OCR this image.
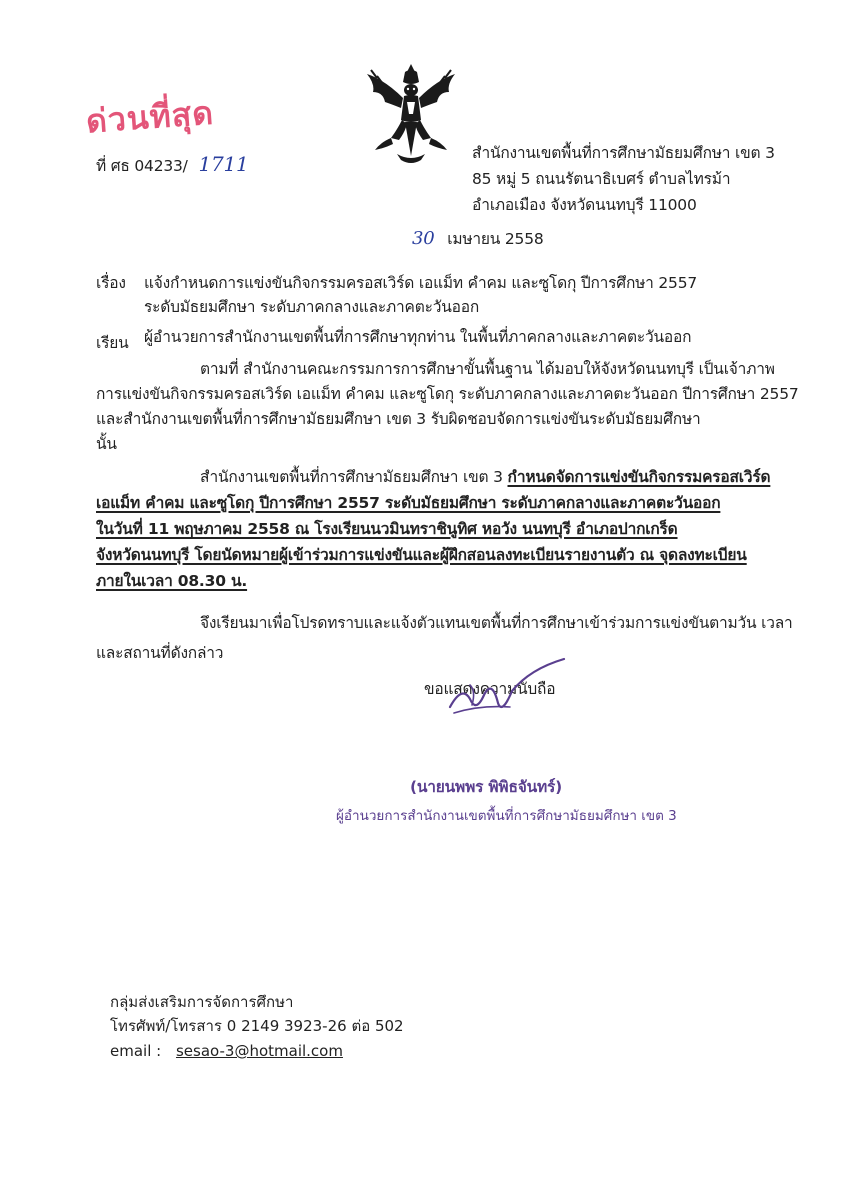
ด่วนที่สุด
ที่ ศธ 04233/ 1711	สำนักงานเขตพื้นที่การศึกษามัธยมศึกษา เขต 3
85 หมู่ 5 ถนนรัตนาธิเบศร์ ตำบลไทรม้า
อำเภอเมือง จังหวัดนนทบุรี 11000
30 เมษายน 2558
เรื่อง แจ้งกำหนดการแข่งขันกิจกรรมครอสเวิร์ด เอแม็ท คำคม และซูโดกุ ปีการศึกษา 2557
ระดับมัธยมศึกษา ระดับภาคกลางและภาคตะวันออก
เรียน ผู้อำนวยการสำนักงานเขตพื้นที่การศึกษาทุกท่าน ในพื้นที่ภาคกลางและภาคตะวันออก
ตามที่ สำนักงานคณะกรรมการการศึกษาขั้นพื้นฐาน ได้มอบให้จังหวัดนนทบุรี เป็นเจ้าภาพ
การแข่งขันกิจกรรมครอสเวิร์ด เอแม็ท คำคม และซูโดกุ ระดับภาคกลางและภาคตะวันออก ปีการศึกษา 2557
และสำนักงานเขตพื้นที่การศึกษามัธยมศึกษา เขต 3 รับผิดชอบจัดการแข่งขันระดับมัธยมศึกษา
นั้น
สำนักงานเขตพื้นที่การศึกษามัธยมศึกษา เขต 3 กำหนดจัดการแข่งขันกิจกรรมครอสเวิร์ด
เอแม็ท คำคม และซูโดกุ ปีการศึกษา 2557 ระดับมัธยมศึกษา ระดับภาคกลางและภาคตะวันออก
ในวันที่ 11 พฤษภาคม 2558 ณ โรงเรียนนวมินทราชินูทิศ หอวัง นนทบุรี อำเภอปากเกร็ด
จังหวัดนนทบุรี โดยนัดหมายผู้เข้าร่วมการแข่งขันและผู้ฝึกสอนลงทะเบียนรายงานตัว ณ จุดลงทะเบียน
ภายในเวลา 08.30 น.
จึงเรียนมาเพื่อโปรดทราบและแจ้งตัวแทนเขตพื้นที่การศึกษาเข้าร่วมการแข่งขันตามวัน เวลา
และสถานที่ดังกล่าว
ขอแสดงความนับถือ
(นายนพพร พิพิธจันทร์)
ผู้อำนวยการสำนักงานเขตพื้นที่การศึกษามัธยมศึกษา เขต 3
กลุ่มส่งเสริมการจัดการศึกษา
โทรศัพท์/โทรสาร 0 2149 3923-26 ต่อ 502
email : sesao-3@hotmail.com
